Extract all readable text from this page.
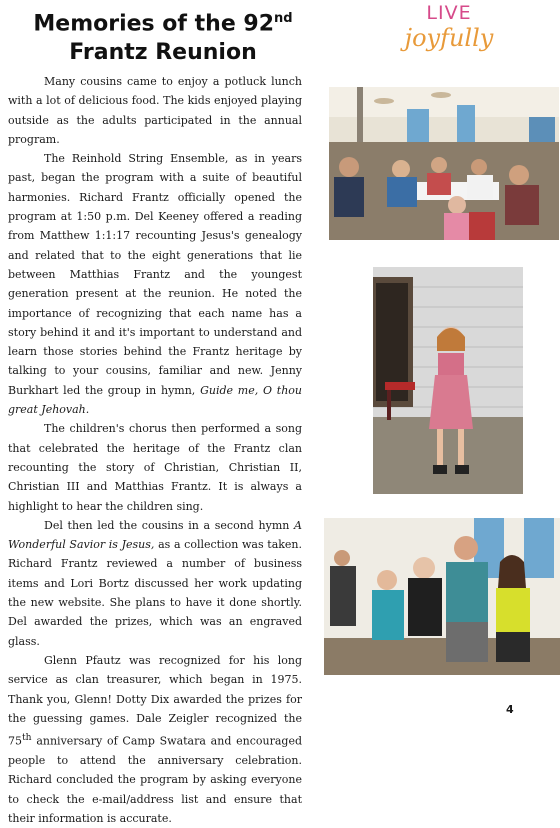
Memories of the 92nd
Frantz Reunion
LIVE
joyfully

Many cousins came to enjoy a potluck lunch with a lot of delicious food. The kids enjoyed playing outside as the adults participated in the annual program.

The Reinhold String Ensemble, as in years past, began the program with a suite of beautiful harmonies. Richard Frantz officially opened the program at 1:50 p.m. Del Keeney offered a reading from Matthew 1:1:17 recounting Jesus's genealogy and related that to the eight generations that lie between Matthias Frantz and the youngest generation present at the reunion. He noted the importance of recognizing that each name has a story behind it and it's important to understand and learn those stories behind the Frantz heritage by talking to your cousins, familiar and new. Jenny Burkhart led the group in hymn, Guide me, O thou great Jehovah.

The children's chorus then performed a song that celebrated the heritage of the Frantz clan recounting the story of Christian, Christian II, Christian III and Matthias Frantz. It is always a highlight to hear the children sing.

Del then led the cousins in a second hymn A Wonderful Savior is Jesus, as a collection was taken. Richard Frantz reviewed a number of business items and Lori Bortz discussed her work updating the new website. She plans to have it done shortly. Del awarded the prizes, which was an engraved glass.

Glenn Pfautz was recognized for his long service as clan treasurer, which began in 1975. Thank you, Glenn! Dotty Dix awarded the prizes for the guessing games. Dale Zeigler recognized the 75th anniversary of Camp Swatara and encouraged people to attend the anniversary celebration. Richard concluded the program by asking everyone to check the e-mail/address list and ensure that their information is accurate.

4
